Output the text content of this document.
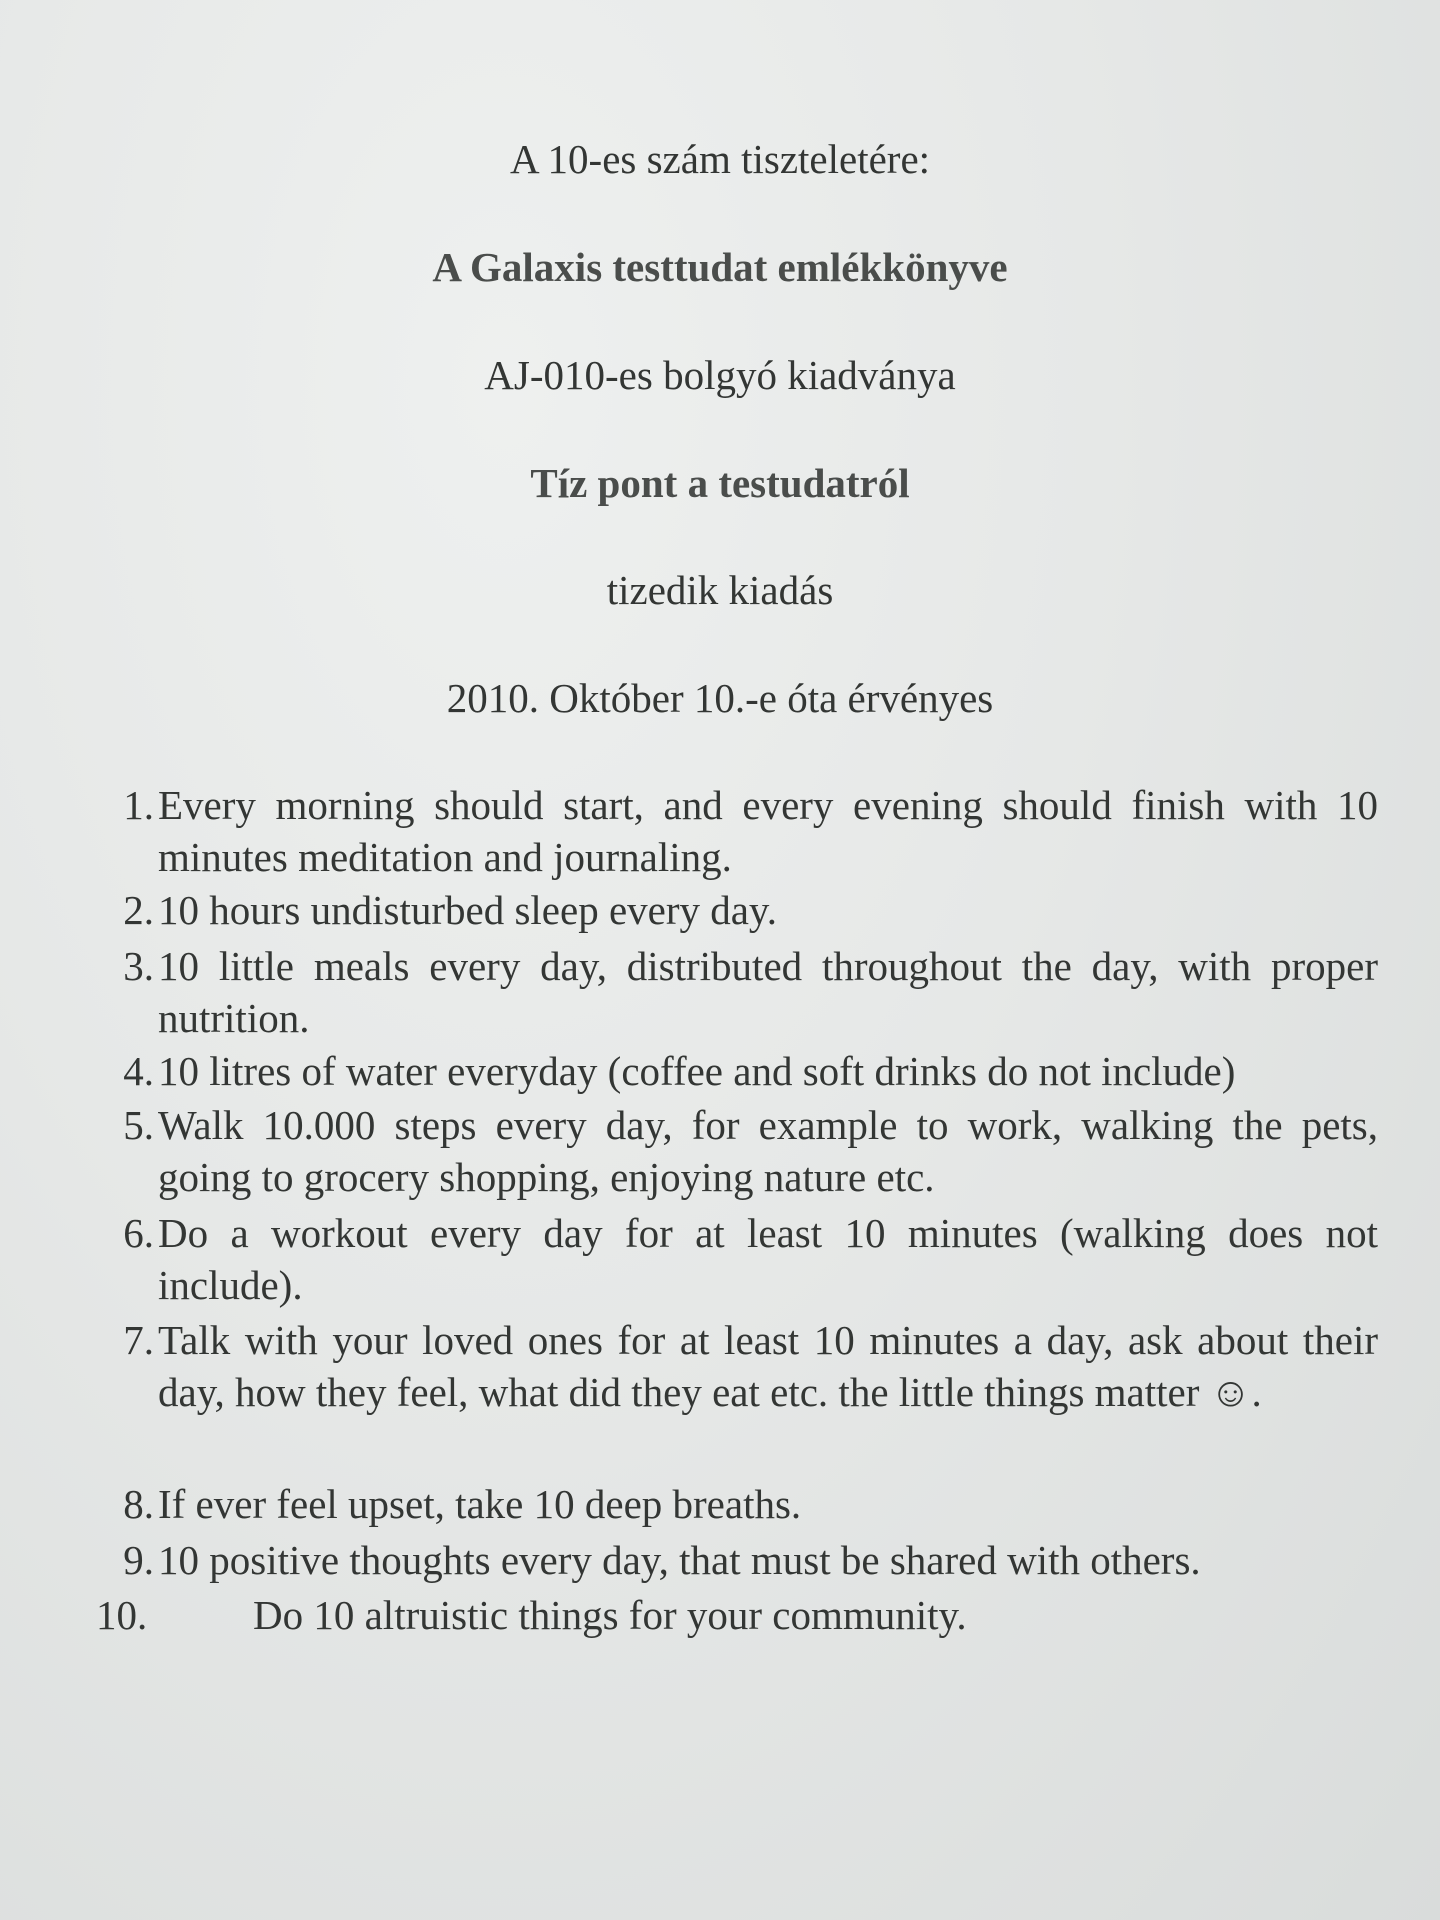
A 10-es szám tiszteletére:
A Galaxis testtudat emlékkönyve
AJ-010-es bolgyó kiadványa
Tíz pont a testudatról
tizedik kiadás
2010. Október 10.-e óta érvényes
1. Every morning should start, and every evening should finish with 10 minutes meditation and journaling.
2. 10 hours undisturbed sleep every day.
3. 10 little meals every day, distributed throughout the day, with proper nutrition.
4. 10 litres of water everyday (coffee and soft drinks do not include)
5. Walk 10.000 steps every day, for example to work, walking the pets, going to grocery shopping, enjoying nature etc.
6. Do a workout every day for at least 10 minutes (walking does not include).
7. Talk with your loved ones for at least 10 minutes a day, ask about their day, how they feel, what did they eat etc. the little things matter ☺.
8. If ever feel upset, take 10 deep breaths.
9. 10 positive thoughts every day, that must be shared with others.
10.	Do 10 altruistic things for your community.
